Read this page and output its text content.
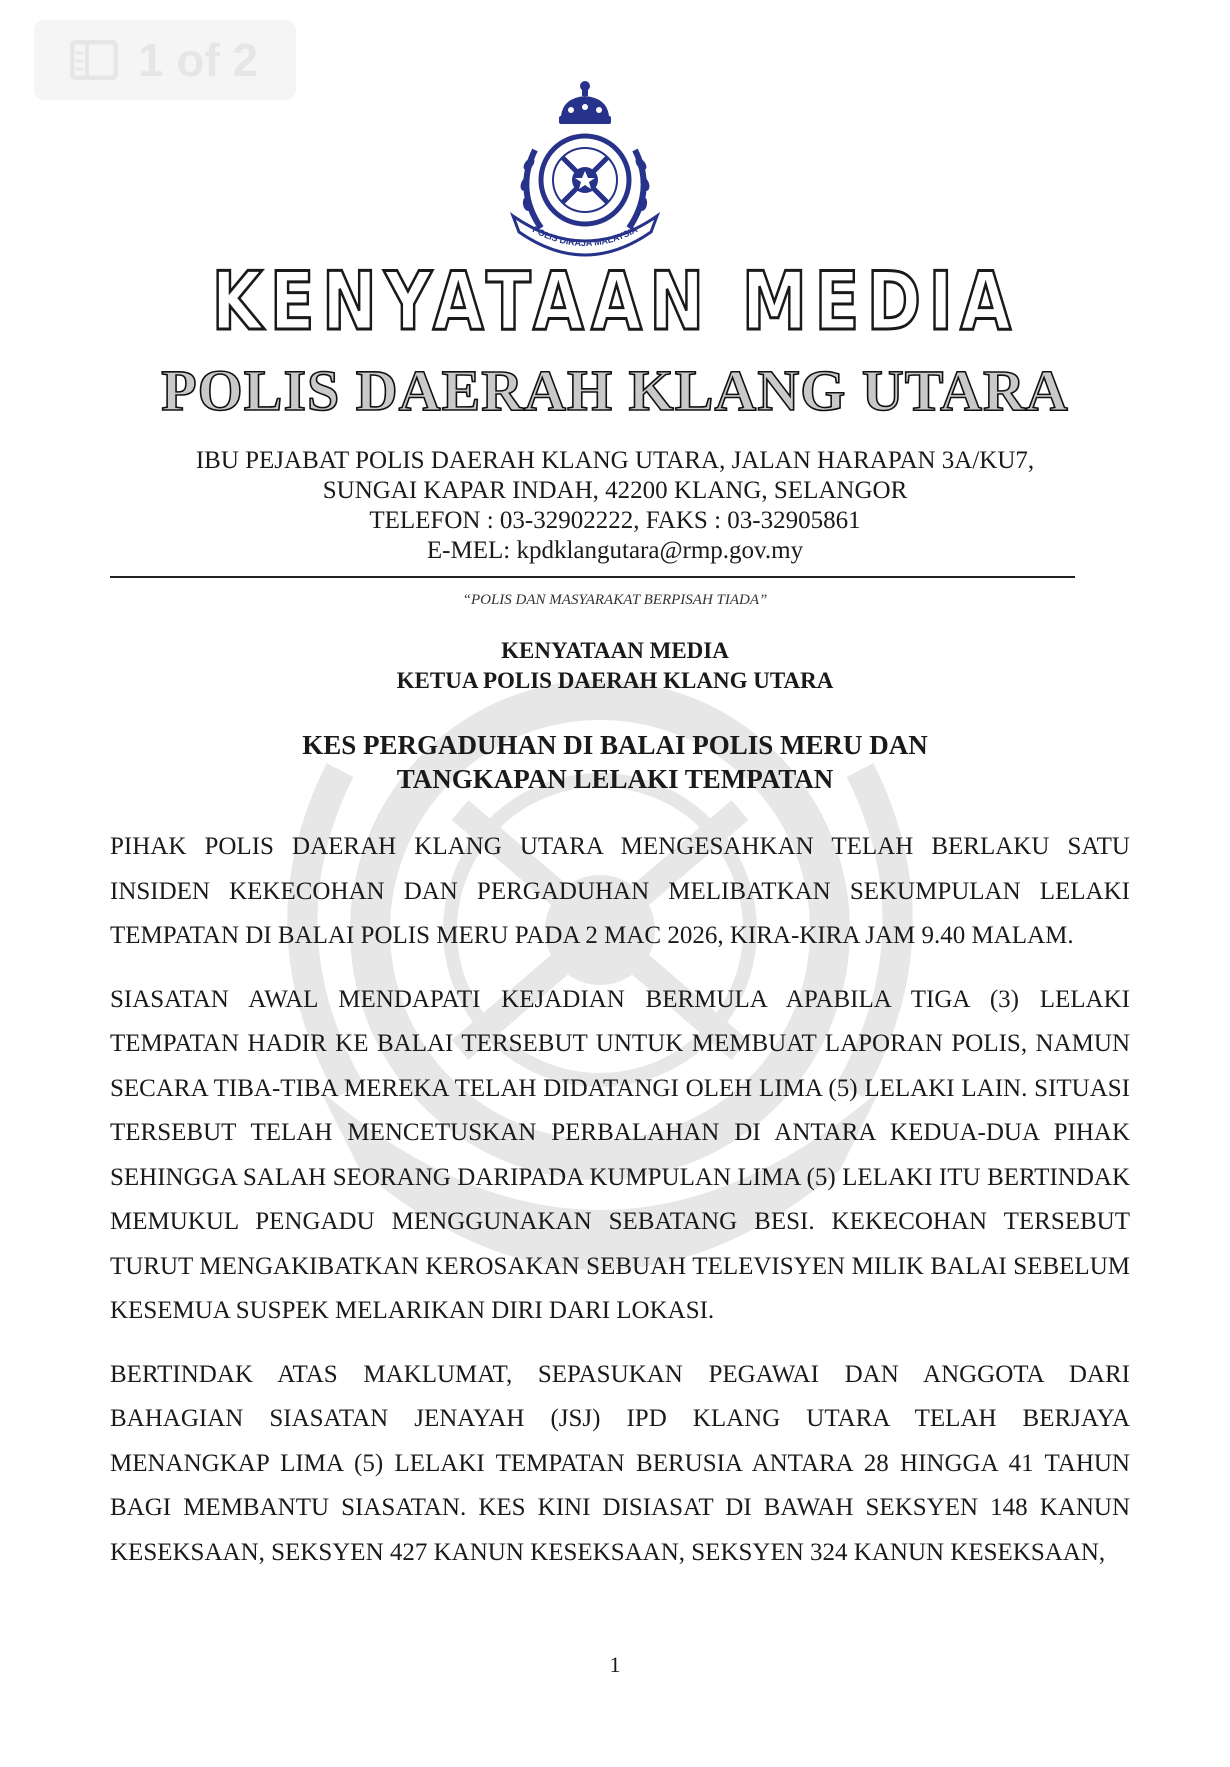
1 of 2
POLIS DIRAJA MALAYSIA
KENYATAAN MEDIA
POLIS DAERAH KLANG UTARA
IBU PEJABAT POLIS DAERAH KLANG UTARA, JALAN HARAPAN 3A/KU7,
SUNGAI KAPAR INDAH, 42200 KLANG, SELANGOR
TELEFON : 03-32902222, FAKS : 03-32905861
E-MEL: kpdklangutara@rmp.gov.my
“POLIS DAN MASYARAKAT BERPISAH TIADA”
KENYATAAN MEDIA
KETUA POLIS DAERAH KLANG UTARA
KES PERGADUHAN DI BALAI POLIS MERU DAN
TANGKAPAN LELAKI TEMPATAN

PIHAK POLIS DAERAH KLANG UTARA MENGESAHKAN TELAH BERLAKU SATU INSIDEN KEKECOHAN DAN PERGADUHAN MELIBATKAN SEKUMPULAN LELAKI TEMPATAN DI BALAI POLIS MERU PADA 2 MAC 2026, KIRA-KIRA JAM 9.40 MALAM.

SIASATAN AWAL MENDAPATI KEJADIAN BERMULA APABILA TIGA (3) LELAKI TEMPATAN HADIR KE BALAI TERSEBUT UNTUK MEMBUAT LAPORAN POLIS, NAMUN SECARA TIBA-TIBA MEREKA TELAH DIDATANGI OLEH LIMA (5) LELAKI LAIN. SITUASI TERSEBUT TELAH MENCETUSKAN PERBALAHAN DI ANTARA KEDUA-DUA PIHAK SEHINGGA SALAH SEORANG DARIPADA KUMPULAN LIMA (5) LELAKI ITU BERTINDAK MEMUKUL PENGADU MENGGUNAKAN SEBATANG BESI. KEKECOHAN TERSEBUT TURUT MENGAKIBATKAN KEROSAKAN SEBUAH TELEVISYEN MILIK BALAI SEBELUM KESEMUA SUSPEK MELARIKAN DIRI DARI LOKASI.

BERTINDAK ATAS MAKLUMAT, SEPASUKAN PEGAWAI DAN ANGGOTA DARI BAHAGIAN SIASATAN JENAYAH (JSJ) IPD KLANG UTARA TELAH BERJAYA MENANGKAP LIMA (5) LELAKI TEMPATAN BERUSIA ANTARA 28 HINGGA 41 TAHUN BAGI MEMBANTU SIASATAN. KES KINI DISIASAT DI BAWAH SEKSYEN 148 KANUN KESEKSAAN, SEKSYEN 427 KANUN KESEKSAAN, SEKSYEN 324 KANUN KESEKSAAN,

1
